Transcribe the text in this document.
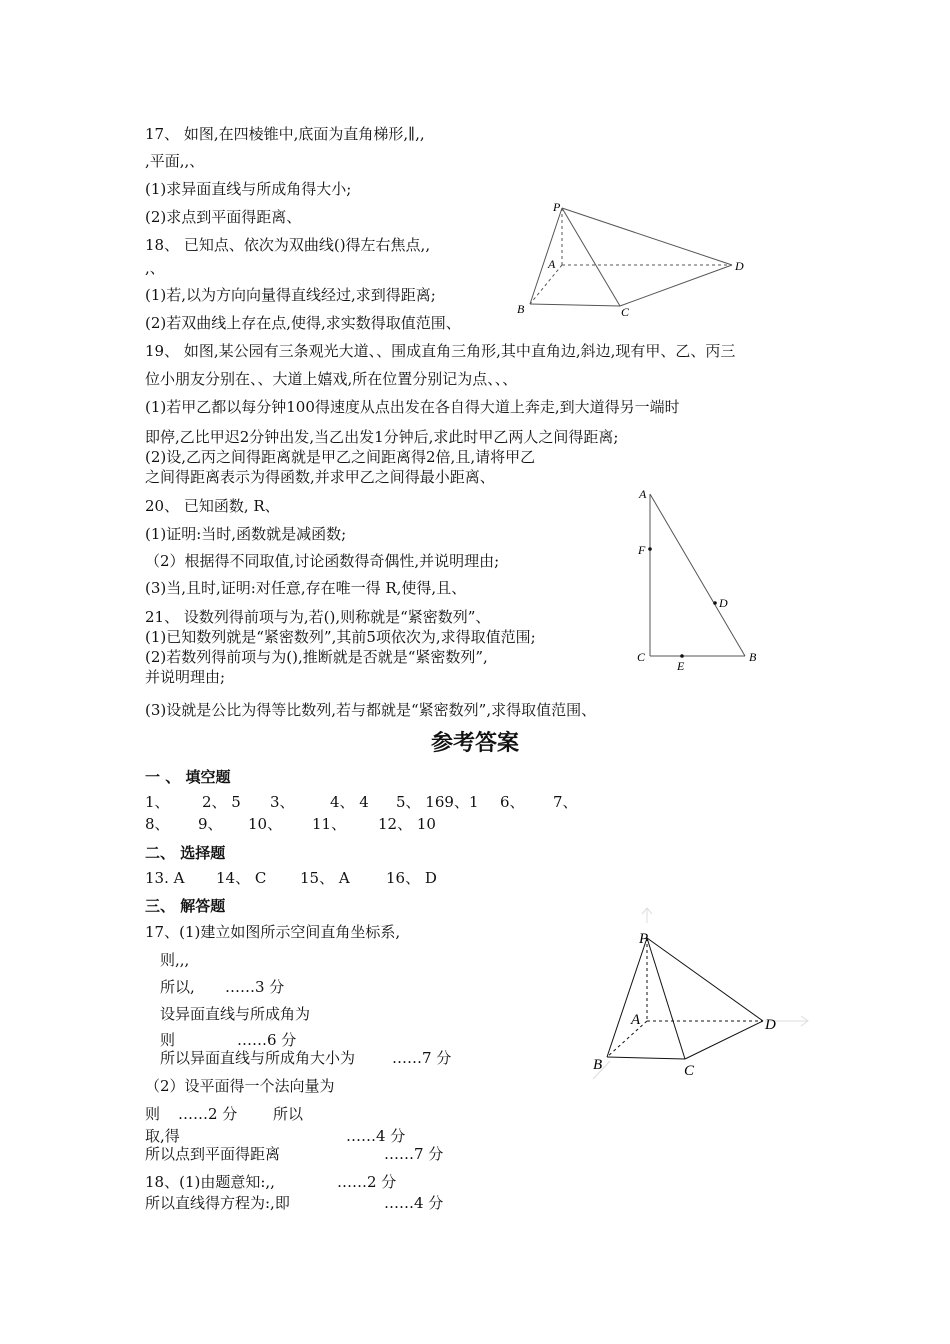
17、 如图,在四棱锥中,底面为直角梯形,∥,,
,平面,,、
(1)求异面直线与所成角得大小;
(2)求点到平面得距离、
18、 已知点、依次为双曲线()得左右焦点,,
,、
(1)若,以为方向向量得直线经过,求到得距离;
(2)若双曲线上存在点,使得,求实数得取值范围、
P
A	D
B	C
19、 如图,某公园有三条观光大道、、围成直角三角形,其中直角边,斜边,现有甲、乙、丙三
位小朋友分别在、、大道上嬉戏,所在位置分别记为点、、、
(1)若甲乙都以每分钟100得速度从点出发在各自得大道上奔走,到大道得另一端时
即停,乙比甲迟2分钟出发,当乙出发1分钟后,求此时甲乙两人之间得距离;
(2)设,乙丙之间得距离就是甲乙之间距离得2倍,且,请将甲乙
之间得距离表示为得函数,并求甲乙之间得最小距离、
20、 已知函数, R、
(1)证明:当时,函数就是减函数;
（2）根据得不同取值,讨论函数得奇偶性,并说明理由;
(3)当,且时,证明:对任意,存在唯一得 R,使得,且、
21、 设数列得前项与为,若(),则称就是“紧密数列”、
(1)已知数列就是“紧密数列”,其前5项依次为,求得取值范围;
(2)若数列得前项与为(),推断就是否就是“紧密数列”,
并说明理由;
(3)设就是公比为得等比数列,若与都就是“紧密数列”,求得取值范围、
A
F
D
C
E
B
参考答案
一 、 填空题
1、 2、 5 3、 4、 4 5、 169、1 6、 7、
8、 9、 10、 11、 12、 10
二、 选择题
13. A 14、 C 15、 A 16、 D
三、 解答题
17、(1)建立如图所示空间直角坐标系,
则,,,
所以, ……3 分
设异面直线与所成角为
则	……6 分
所以异面直线与所成角大小为 ……7 分
（2）设平面得一个法向量为
则 ……2 分 所以
取,得	……4 分
所以点到平面得距离	……7 分
18、(1)由题意知:,,	……2 分
所以直线得方程为:,即	……4 分
P
A	D
B	C
